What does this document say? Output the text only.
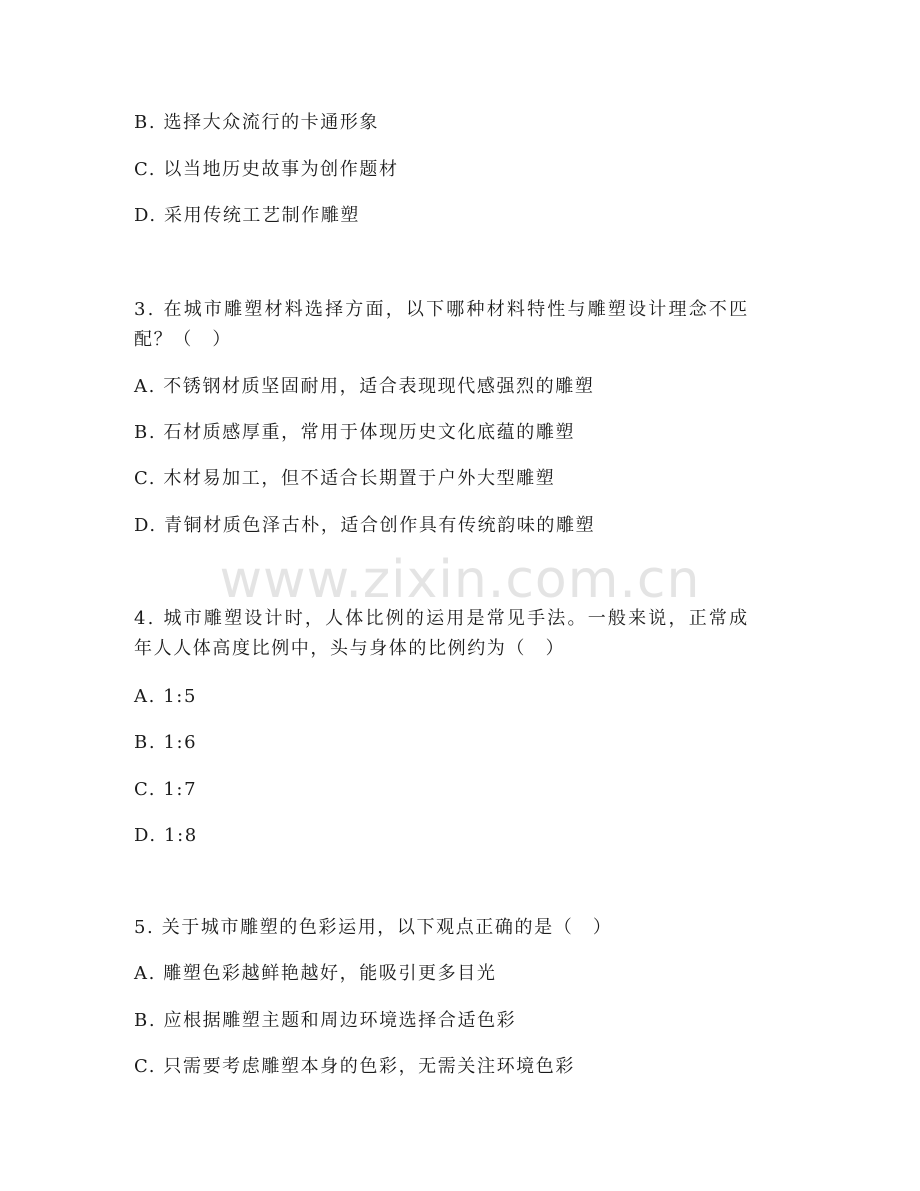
www.zixin.com.cn
B. 选择大众流行的卡通形象
C. 以当地历史故事为创作题材
D. 采用传统工艺制作雕塑
3. 在城市雕塑材料选择方面，以下哪种材料特性与雕塑设计理念不匹
配？（　）
A. 不锈钢材质坚固耐用，适合表现现代感强烈的雕塑
B. 石材质感厚重，常用于体现历史文化底蕴的雕塑
C. 木材易加工，但不适合长期置于户外大型雕塑
D. 青铜材质色泽古朴，适合创作具有传统韵味的雕塑
4. 城市雕塑设计时，人体比例的运用是常见手法。一般来说，正常成
年人人体高度比例中，头与身体的比例约为（　）
A. 1:5
B. 1:6
C. 1:7
D. 1:8
5. 关于城市雕塑的色彩运用，以下观点正确的是（　）
A. 雕塑色彩越鲜艳越好，能吸引更多目光
B. 应根据雕塑主题和周边环境选择合适色彩
C. 只需要考虑雕塑本身的色彩，无需关注环境色彩
